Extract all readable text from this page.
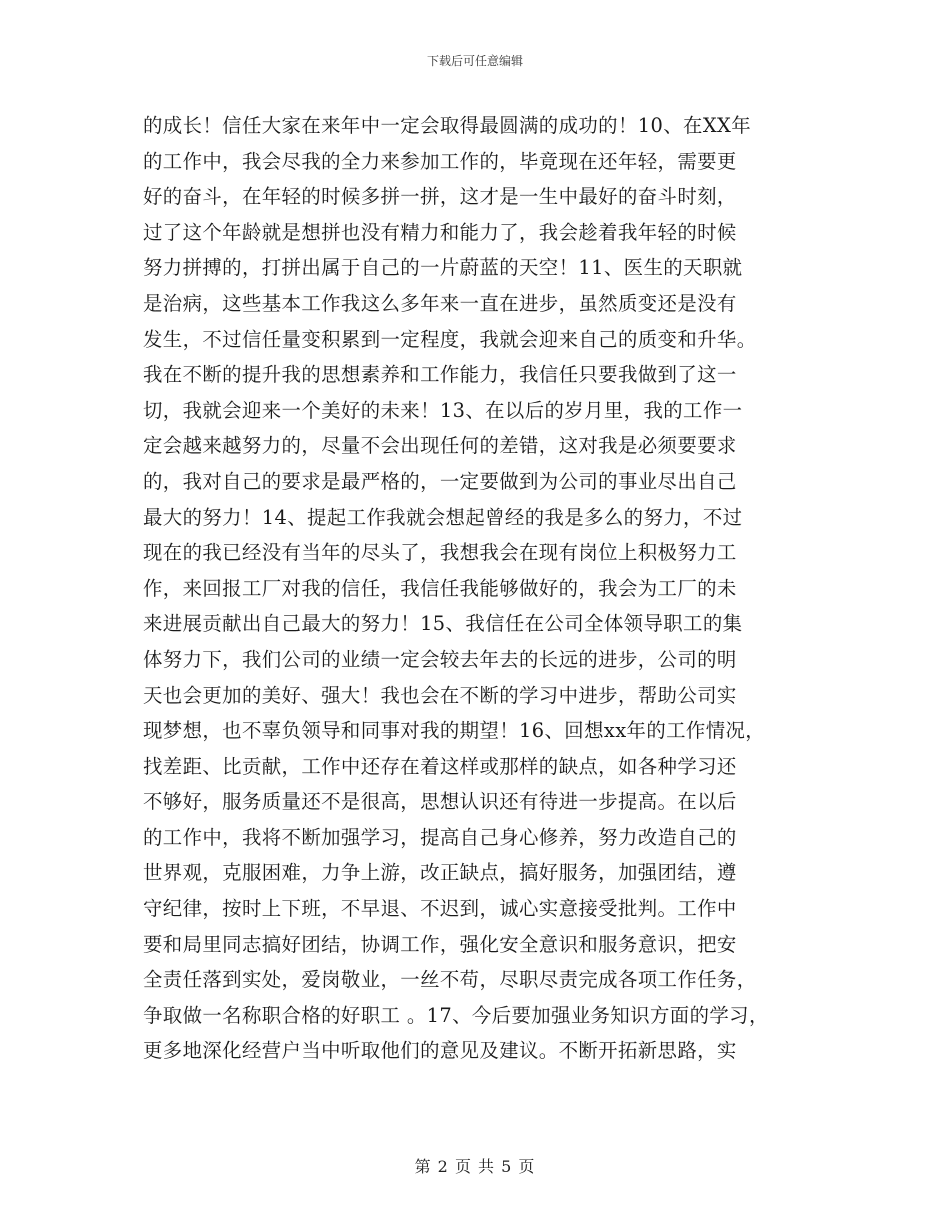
下载后可任意编辑
的成长！信任大家在来年中一定会取得最圆满的成功的！10、在XX年
的工作中，我会尽我的全力来参加工作的，毕竟现在还年轻，需要更
好的奋斗，在年轻的时候多拼一拼，这才是一生中最好的奋斗时刻，
过了这个年龄就是想拼也没有精力和能力了，我会趁着我年轻的时候
努力拼搏的，打拼出属于自己的一片蔚蓝的天空！11、医生的天职就
是治病，这些基本工作我这么多年来一直在进步，虽然质变还是没有
发生，不过信任量变积累到一定程度，我就会迎来自己的质变和升华。
我在不断的提升我的思想素养和工作能力，我信任只要我做到了这一
切，我就会迎来一个美好的未来！13、在以后的岁月里，我的工作一
定会越来越努力的，尽量不会出现任何的差错，这对我是必须要要求
的，我对自己的要求是最严格的，一定要做到为公司的事业尽出自己
最大的努力！14、提起工作我就会想起曾经的我是多么的努力，不过
现在的我已经没有当年的尽头了，我想我会在现有岗位上积极努力工
作，来回报工厂对我的信任，我信任我能够做好的，我会为工厂的未
来进展贡献出自己最大的努力！15、我信任在公司全体领导职工的集
体努力下，我们公司的业绩一定会较去年去的长远的进步，公司的明
天也会更加的美好、强大！我也会在不断的学习中进步，帮助公司实
现梦想，也不辜负领导和同事对我的期望！16、回想xx年的工作情况，
找差距、比贡献，工作中还存在着这样或那样的缺点，如各种学习还
不够好，服务质量还不是很高，思想认识还有待进一步提高。在以后
的工作中，我将不断加强学习，提高自己身心修养，努力改造自己的
世界观，克服困难，力争上游，改正缺点，搞好服务，加强团结，遵
守纪律，按时上下班，不早退、不迟到，诚心实意接受批判。工作中
要和局里同志搞好团结，协调工作，强化安全意识和服务意识，把安
全责任落到实处，爱岗敬业，一丝不苟，尽职尽责完成各项工作任务，
争取做一名称职合格的好职工 。17、今后要加强业务知识方面的学习，
更多地深化经营户当中听取他们的意见及建议。不断开拓新思路，实
第 2 页 共 5 页
